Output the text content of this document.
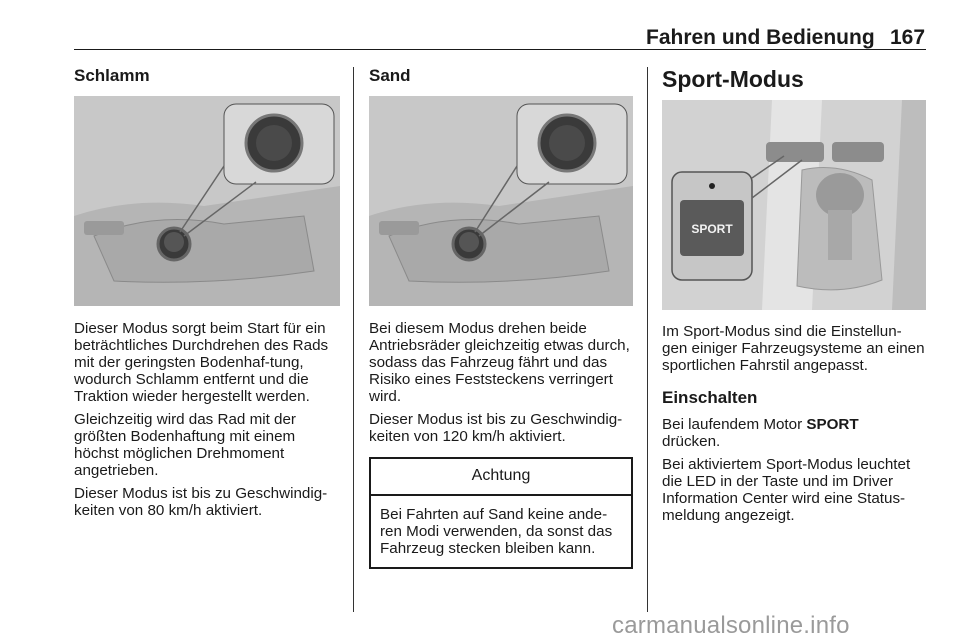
Fahren und Bedienung 167
Schlamm

Dieser Modus sorgt beim Start für ein beträchtliches Durchdrehen des Rads mit der geringsten Bodenhaf-tung, wodurch Schlamm entfernt und die Traktion wieder hergestellt werden.

Gleichzeitig wird das Rad mit der größten Bodenhaftung mit einem höchst möglichen Drehmoment angetrieben.

Dieser Modus ist bis zu Geschwindig-keiten von 80 km/h aktiviert.

Sand

Bei diesem Modus drehen beide Antriebsräder gleichzeitig etwas durch, sodass das Fahrzeug fährt und das Risiko eines Feststeckens verringert wird.

Dieser Modus ist bis zu Geschwindig-keiten von 120 km/h aktiviert.

Achtung
Bei Fahrten auf Sand keine ande-ren Modi verwenden, da sonst das Fahrzeug stecken bleiben kann.
Sport-Modus
SPORT

Im Sport-Modus sind die Einstellun-gen einiger Fahrzeugsysteme an einen sportlichen Fahrstil angepasst.

Einschalten

Bei laufendem Motor SPORT
drücken.

Bei aktiviertem Sport-Modus leuchtet die LED in der Taste und im Driver Information Center wird eine Status-meldung angezeigt.

carmanualsonline.info
